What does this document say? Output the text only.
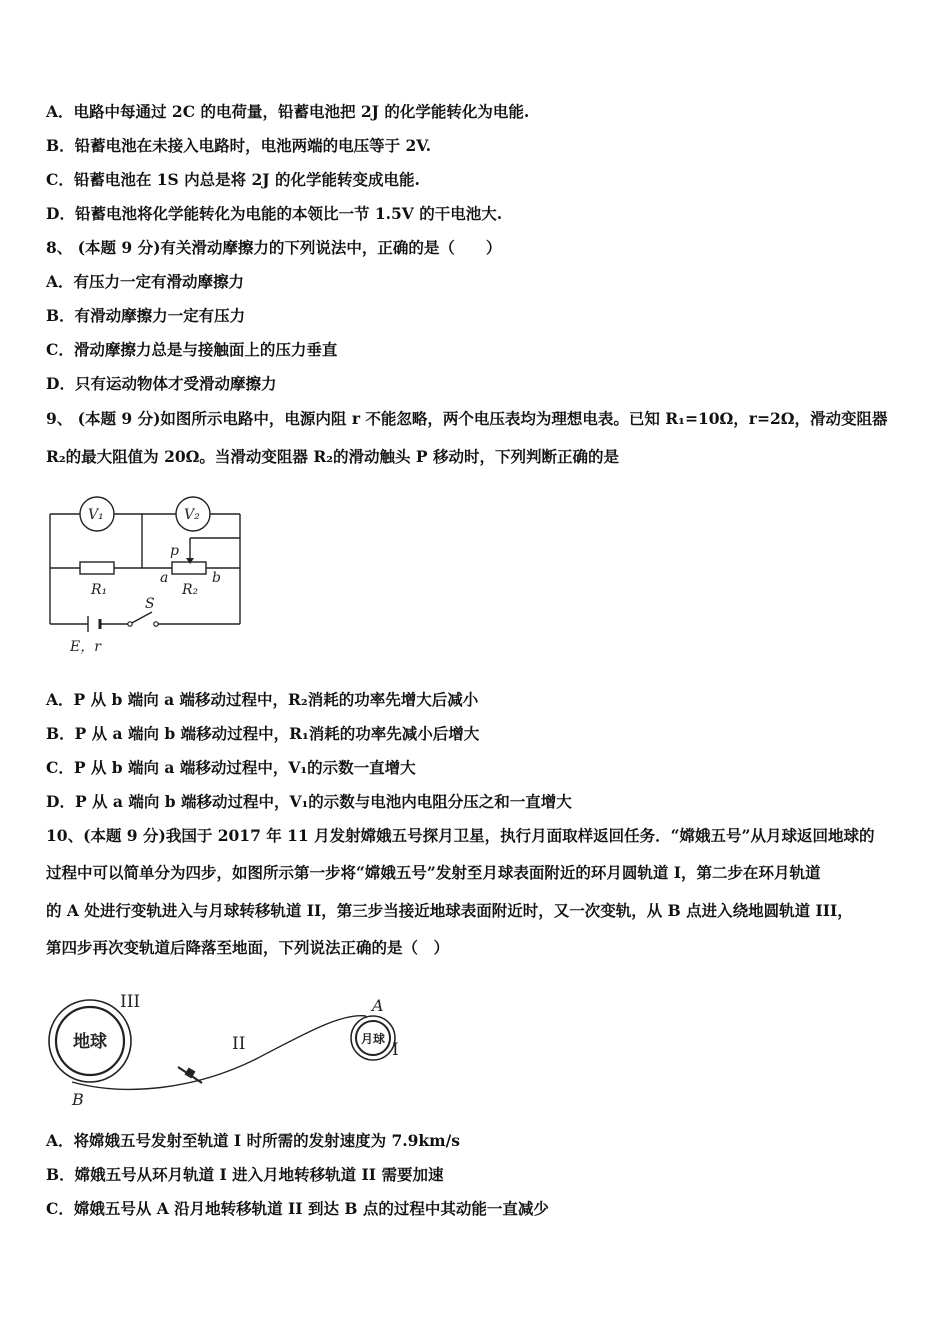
A．电路中每通过 2C 的电荷量，铅蓄电池把 2J 的化学能转化为电能.
B．铅蓄电池在未接入电路时，电池两端的电压等于 2V.
C．铅蓄电池在 1S 内总是将 2J 的化学能转变成电能.
D．铅蓄电池将化学能转化为电能的本领比一节 1.5V 的干电池大.
8、 (本题 9 分)有关滑动摩擦力的下列说法中，正确的是（　　）
A．有压力一定有滑动摩擦力
B．有滑动摩擦力一定有压力
C．滑动摩擦力总是与接触面上的压力垂直
D．只有运动物体才受滑动摩擦力
9、 (本题 9 分)如图所示电路中，电源内阻 r 不能忽略，两个电压表均为理想电表。已知 R₁=10Ω，r=2Ω，滑动变阻器
R₂的最大阻值为 20Ω。当滑动变阻器 R₂的滑动触头 P 移动时，下列判断正确的是
V₁	V₂
R₁	R₂
p
a	b
S
E，r
A．P 从 b 端向 a 端移动过程中，R₂消耗的功率先增大后减小
B．P 从 a 端向 b 端移动过程中，R₁消耗的功率先减小后增大
C．P 从 b 端向 a 端移动过程中，V₁的示数一直增大
D．P 从 a 端向 b 端移动过程中，V₁的示数与电池内电阻分压之和一直增大
10、(本题 9 分)我国于 2017 年 11 月发射嫦娥五号探月卫星，执行月面取样返回任务．“嫦娥五号”从月球返回地球的
过程中可以简单分为四步，如图所示第一步将“嫦娥五号”发射至月球表面附近的环月圆轨道 I，第二步在环月轨道
的 A 处进行变轨进入与月球转移轨道 II，第三步当接近地球表面附近时，又一次变轨，从 B 点进入绕地圆轨道 III，
第四步再次变轨道后降落至地面，下列说法正确的是（　）
地球	月球
III
II	I
A
B
A．将嫦娥五号发射至轨道 I 时所需的发射速度为 7.9km/s
B．嫦娥五号从环月轨道 I 进入月地转移轨道 II 需要加速
C．嫦娥五号从 A 沿月地转移轨道 II 到达 B 点的过程中其动能一直减少
